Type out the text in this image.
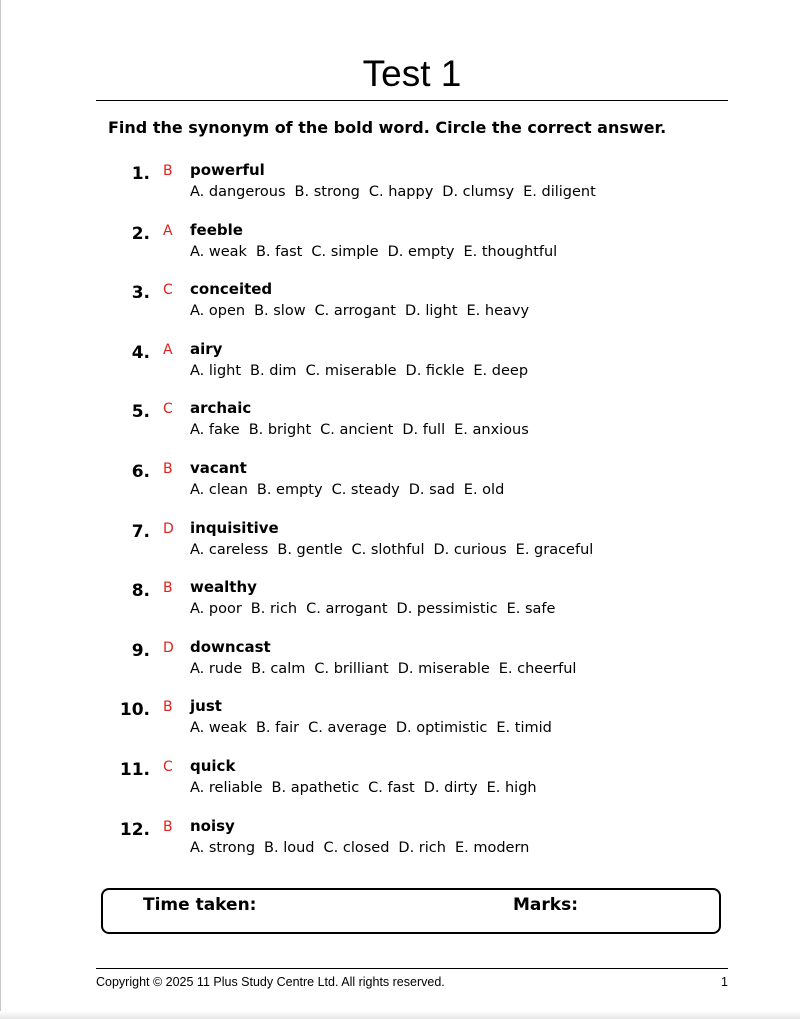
Test 1
Find the synonym of the bold word. Circle the correct answer.
1. B powerful
A. dangerous B. strong C. happy D. clumsy E. diligent
2. A feeble
A. weak B. fast C. simple D. empty E. thoughtful
3. C conceited
A. open B. slow C. arrogant D. light E. heavy
4. A airy
A. light B. dim C. miserable D. fickle E. deep
5. C archaic
A. fake B. bright C. ancient D. full E. anxious
6. B vacant
A. clean B. empty C. steady D. sad E. old
7. D inquisitive
A. careless B. gentle C. slothful D. curious E. graceful
8. B wealthy
A. poor B. rich C. arrogant D. pessimistic E. safe
9. D downcast
A. rude B. calm C. brilliant D. miserable E. cheerful
10. B just
A. weak B. fair C. average D. optimistic E. timid
11. C quick
A. reliable B. apathetic C. fast D. dirty E. high
12. B noisy
A. strong B. loud C. closed D. rich E. modern
Time taken:	Marks:
Copyright © 2025 11 Plus Study Centre Ltd. All rights reserved.	1
